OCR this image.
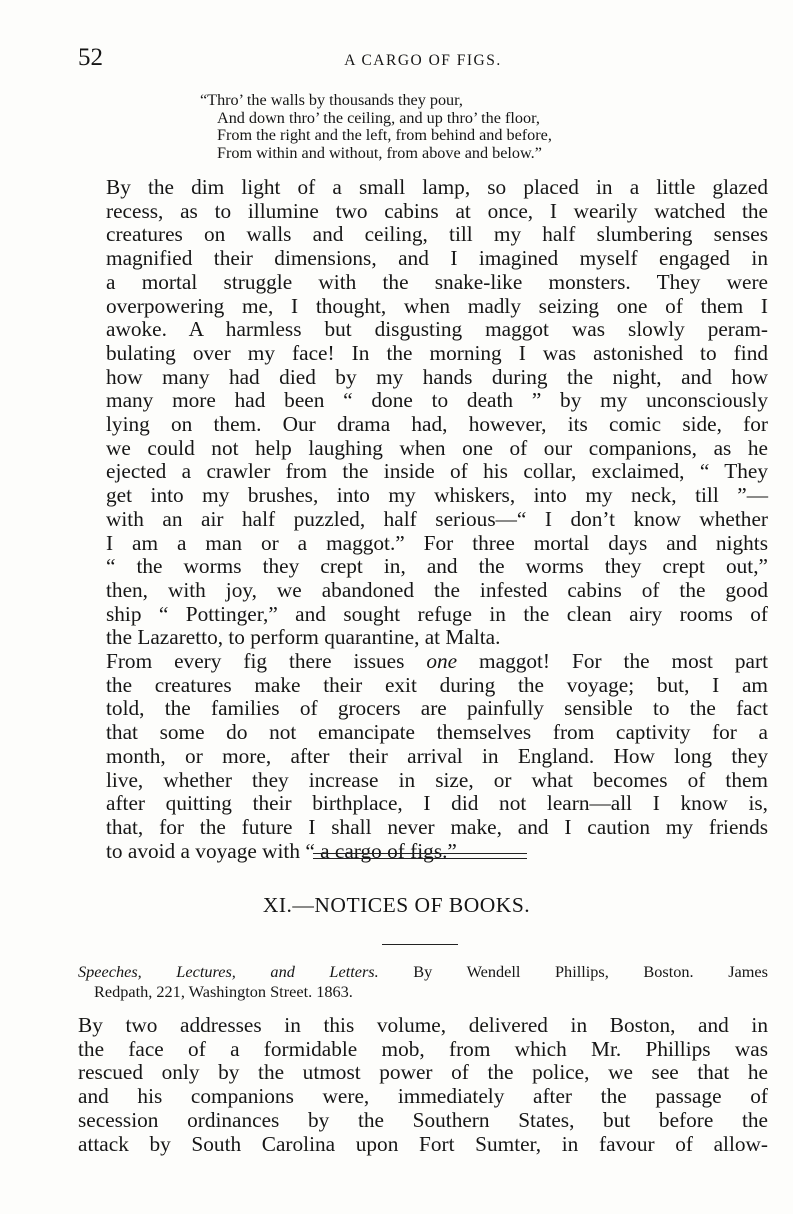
52	A CARGO OF FIGS.
“Thro’ the walls by thousands they pour,
And down thro’ the ceiling, and up thro’ the floor,
From the right and the left, from behind and before,
From within and without, from above and below.”

By the dim light of a small lamp, so placed in a little glazed
recess, as to illumine two cabins at once, I wearily watched the
creatures on walls and ceiling, till my half slumbering senses
magnified their dimensions, and I imagined myself engaged in
a mortal struggle with the snake-like monsters. They were
overpowering me, I thought, when madly seizing one of them I
awoke. A harmless but disgusting maggot was slowly peram-
bulating over my face! In the morning I was astonished to find
how many had died by my hands during the night, and how
many more had been “ done to death ” by my unconsciously
lying on them. Our drama had, however, its comic side, for
we could not help laughing when one of our companions, as he
ejected a crawler from the inside of his collar, exclaimed, “ They
get into my brushes, into my whiskers, into my neck, till ”—
with an air half puzzled, half serious—“ I don’t know whether
I am a man or a maggot.” For three mortal days and nights
“ the worms they crept in, and the worms they crept out,”
then, with joy, we abandoned the infested cabins of the good
ship “ Pottinger,” and sought refuge in the clean airy rooms of
the Lazaretto, to perform quarantine, at Malta.

From every fig there issues one maggot! For the most part
the creatures make their exit during the voyage; but, I am
told, the families of grocers are painfully sensible to the fact
that some do not emancipate themselves from captivity for a
month, or more, after their arrival in England. How long they
live, whether they increase in size, or what becomes of them
after quitting their birthplace, I did not learn—all I know is,
that, for the future I shall never make, and I caution my friends
to avoid a voyage with “ a cargo of figs.”

XI.—NOTICES OF BOOKS.
Speeches, Lectures, and Letters. By Wendell Phillips, Boston. James
Redpath, 221, Washington Street. 1863.

By two addresses in this volume, delivered in Boston, and in
the face of a formidable mob, from which Mr. Phillips was
rescued only by the utmost power of the police, we see that he
and his companions were, immediately after the passage of
secession ordinances by the Southern States, but before the
attack by South Carolina upon Fort Sumter, in favour of allow-
